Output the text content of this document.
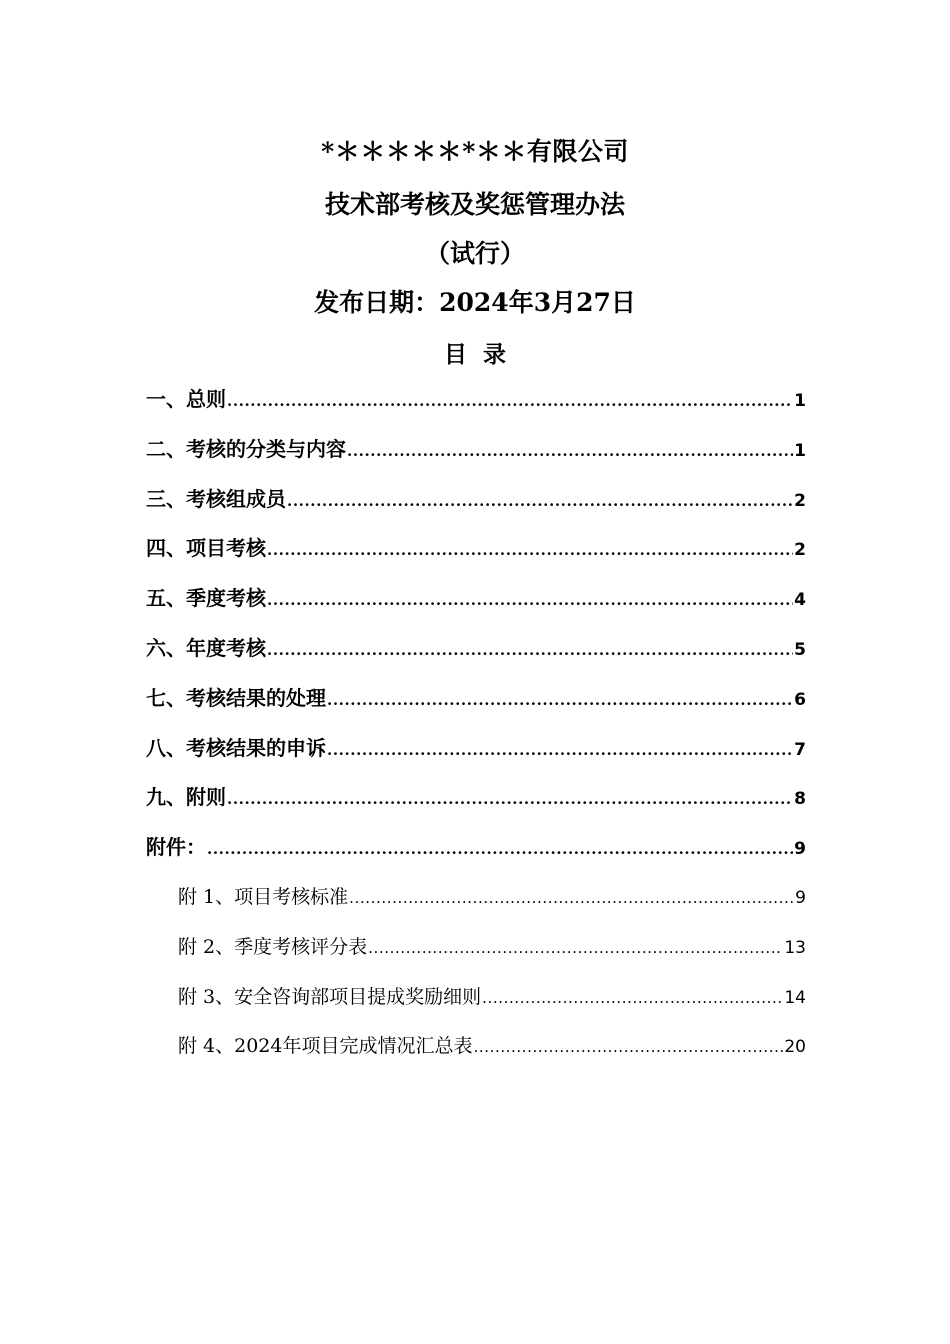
*＊＊＊＊＊*＊＊有限公司
技术部考核及奖惩管理办法
（试行）
发布日期：2024年3月27日
目录
一、总则 .....	1
二、考核的分类与内容 .....	1
三、考核组成员 .....	2
四、项目考核 .....	2
五、季度考核 .....	4
六、年度考核 .....	5
七、考核结果的处理 .....	6
八、考核结果的申诉 .....	7
九、附则 .....	8
附件： .....	9
附 1、项目考核标准 .....	9
附 2、季度考核评分表 .....	13
附 3、安全咨询部项目提成奖励细则 .....	14
附 4、2024年项目完成情况汇总表 .....	20
